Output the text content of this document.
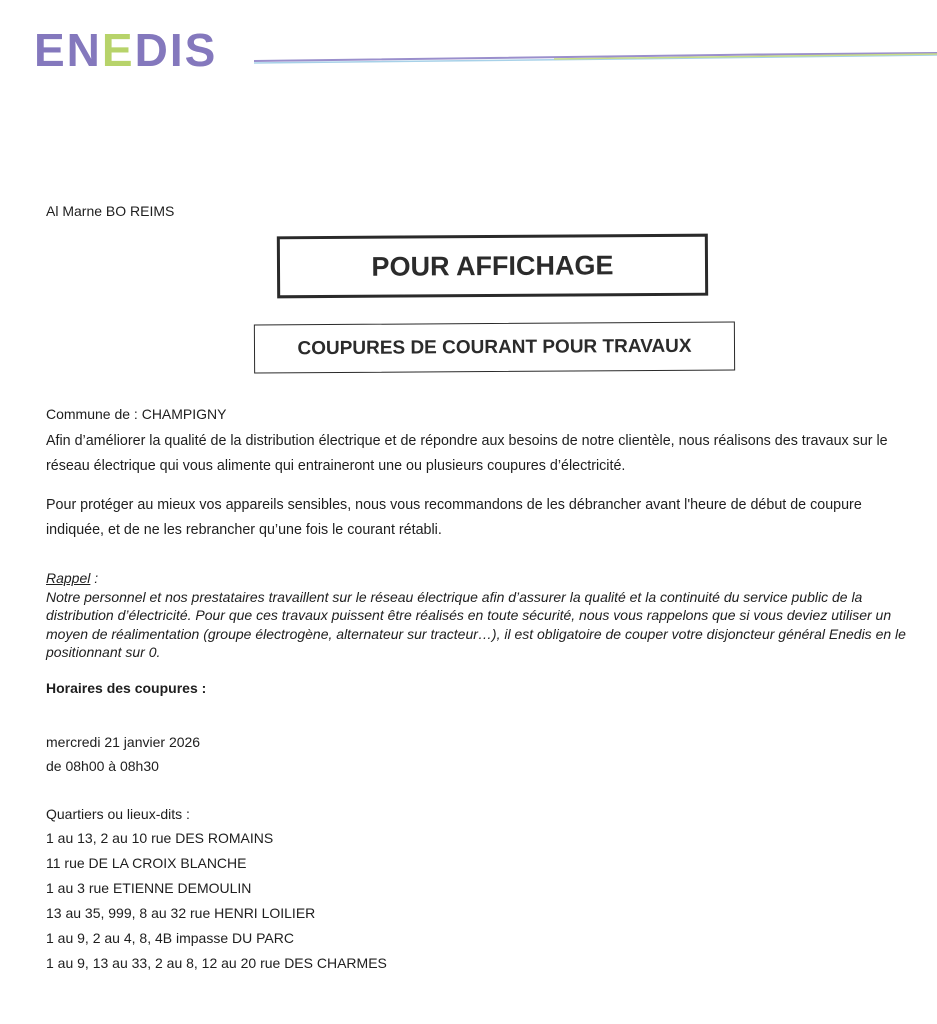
ENEDIS
Al Marne BO REIMS
POUR AFFICHAGE
COUPURES DE COURANT POUR TRAVAUX
Commune de : CHAMPIGNY
Afin d’améliorer la qualité de la distribution électrique et de répondre aux besoins de notre clientèle, nous réalisons des travaux sur le réseau électrique qui vous alimente qui entraineront une ou plusieurs coupures d’électricité.
Pour protéger au mieux vos appareils sensibles, nous vous recommandons de les débrancher avant l'heure de début de coupure indiquée, et de ne les rebrancher qu’une fois le courant rétabli.
Rappel :
Notre personnel et nos prestataires travaillent sur le réseau électrique afin d’assurer la qualité et la continuité du service public de la distribution d’électricité. Pour que ces travaux puissent être réalisés en toute sécurité, nous vous rappelons que si vous deviez utiliser un moyen de réalimentation (groupe électrogène, alternateur sur tracteur…), il est obligatoire de couper votre disjoncteur général Enedis en le positionnant sur 0.
Horaires des coupures :
mercredi 21 janvier 2026
de 08h00 à 08h30
Quartiers ou lieux-dits :
1 au 13, 2 au 10 rue DES ROMAINS
11 rue DE LA CROIX BLANCHE
1 au 3 rue ETIENNE DEMOULIN
13 au 35, 999, 8 au 32 rue HENRI LOILIER
1 au 9, 2 au 4, 8, 4B impasse DU PARC
1 au 9, 13 au 33, 2 au 8, 12 au 20 rue DES CHARMES
